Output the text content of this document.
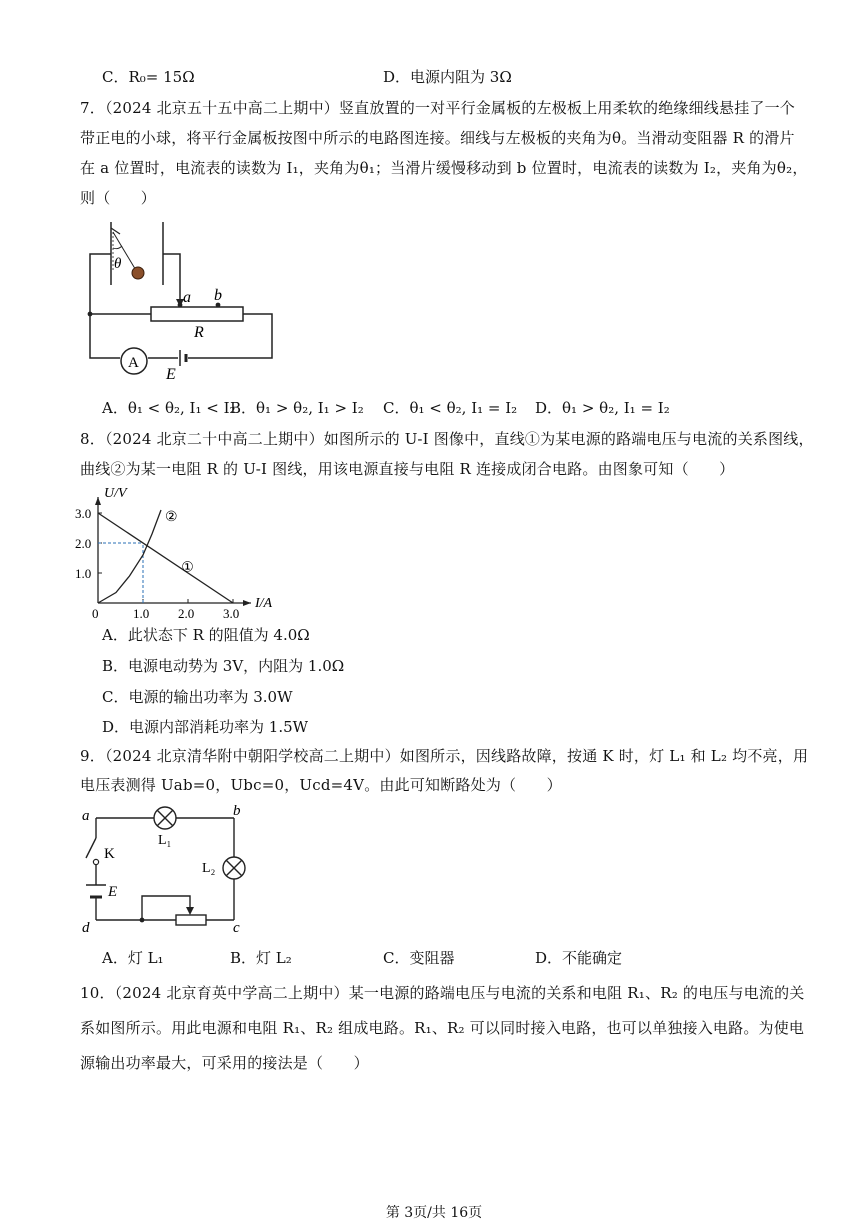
C．R₀= 15Ω	D．电源内阻为 3Ω
7．（2024 北京五十五中高二上期中）竖直放置的一对平行金属板的左极板上用柔软的绝缘细线悬挂了一个
带正电的小球，将平行金属板按图中所示的电路图连接。细线与左极板的夹角为θ。当滑动变阻器 R 的滑片
在 a 位置时，电流表的读数为 I₁，夹角为θ₁；当滑片缓慢移动到 b 位置时，电流表的读数为 I₂，夹角为θ₂，
则（　　）
θ
a b
R
A
E
A．θ₁ < θ₂, I₁ < I₂
B．θ₁ > θ₂, I₁ > I₂ C．θ₁ < θ₂, I₁ = I₂ D．θ₁ > θ₂, I₁ = I₂
8．（2024 北京二十中高二上期中）如图所示的 U-I 图像中，直线①为某电源的路端电压与电流的关系图线，
曲线②为某一电阻 R 的 U-I 图线，用该电源直接与电阻 R 连接成闭合电路。由图象可知（　　）
1.0 2.0 3.0
1.0
2.0
3.0
0
I/A
U/V
①
②
A．此状态下 R 的阻值为 4.0Ω
B．电源电动势为 3V，内阻为 1.0Ω
C．电源的输出功率为 3.0W
D．电源内部消耗功率为 1.5W
9．（2024 北京清华附中朝阳学校高二上期中）如图所示，因线路故障，按通 K 时，灯 L₁ 和 L₂ 均不亮，用
电压表测得 Uab=0，Ubc=0，Ucd=4V。由此可知断路处为（　　）
a	b
c
d
K
E
L₁
L₂
A．灯 L₁	B．灯 L₂	C．变阻器	D．不能确定
10．（2024 北京育英中学高二上期中）某一电源的路端电压与电流的关系和电阻 R₁、R₂ 的电压与电流的关
系如图所示。用此电源和电阻 R₁、R₂ 组成电路。R₁、R₂ 可以同时接入电路，也可以单独接入电路。为使电
源输出功率最大，可采用的接法是（　　）
第 3页/共 16页
